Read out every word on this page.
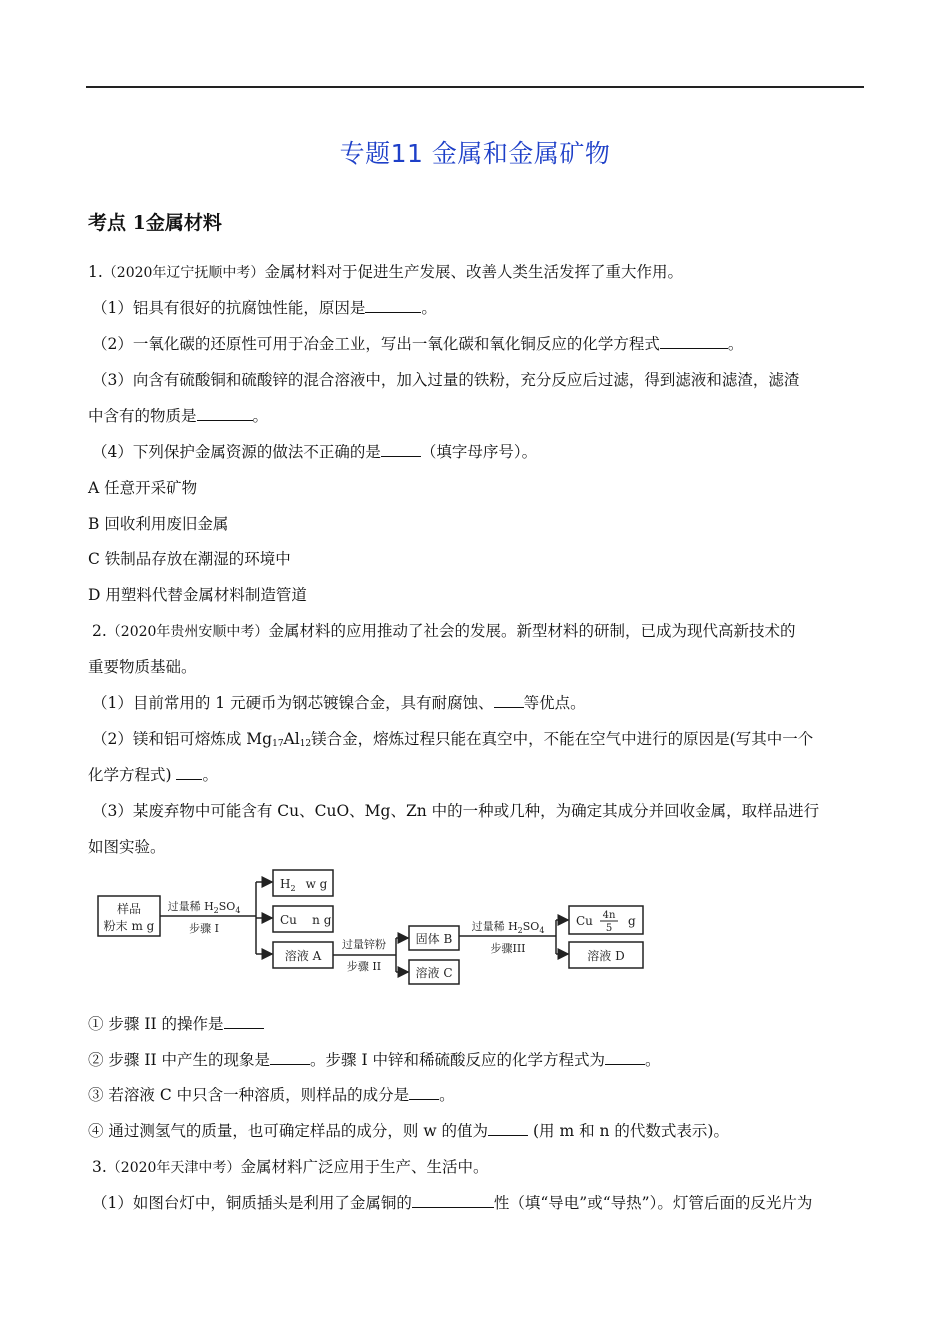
专题11 金属和金属矿物
考点 1金属材料
1.（2020年辽宁抚顺中考）金属材料对于促进生产发展、改善人类生活发挥了重大作用。
（1）铝具有很好的抗腐蚀性能，原因是	。
（2）一氧化碳的还原性可用于冶金工业，写出一氧化碳和氧化铜反应的化学方程式	。
（3）向含有硫酸铜和硫酸锌的混合溶液中，加入过量的铁粉，充分反应后过滤，得到滤液和滤渣，滤渣
中含有的物质是	。
（4）下列保护金属资源的做法不正确的是	（填字母序号）。
A 任意开采矿物
B 回收利用废旧金属
C 铁制品存放在潮湿的环境中
D 用塑料代替金属材料制造管道
2.（2020年贵州安顺中考）金属材料的应用推动了社会的发展。新型材料的研制，已成为现代高新技术的
重要物质基础。
（1）目前常用的 1 元硬币为钢芯镀镍合金，具有耐腐蚀、 等优点。
（2）镁和铝可熔炼成 $Mg_{17}Al_{12}$镁合金，熔炼过程只能在真空中，不能在空气中进行的原因是(写其中一个
化学方程式) 。
（3）某废弃物中可能含有 Cu、CuO、Mg、Zn 中的一种或几种，为确定其成分并回收金属，取样品进行
如图实验。
样品
粉末 m g
过量稀 $H_2SO_4$
步骤 I
$H_2$ w g
Cu    n g
溶液 A
过量锌粉
步骤 II
固体 B
溶液 C
过量稀 $H_2SO_4$
步骤III
Cu 4n
5
g
溶液 D
① 步骤 II 的操作是
② 步骤 II 中产生的现象是	。步骤 I 中锌和稀硫酸反应的化学方程式为	。
③ 若溶液 C 中只含一种溶质，则样品的成分是 。
④ 通过测氢气的质量，也可确定样品的成分，则 w 的值为	(用 m 和 n 的代数式表示)。
3.（2020年天津中考）金属材料广泛应用于生产、生活中。
（1）如图台灯中，铜质插头是利用了金属铜的	性（填“导电”或“导热”）。灯管后面的反光片为
